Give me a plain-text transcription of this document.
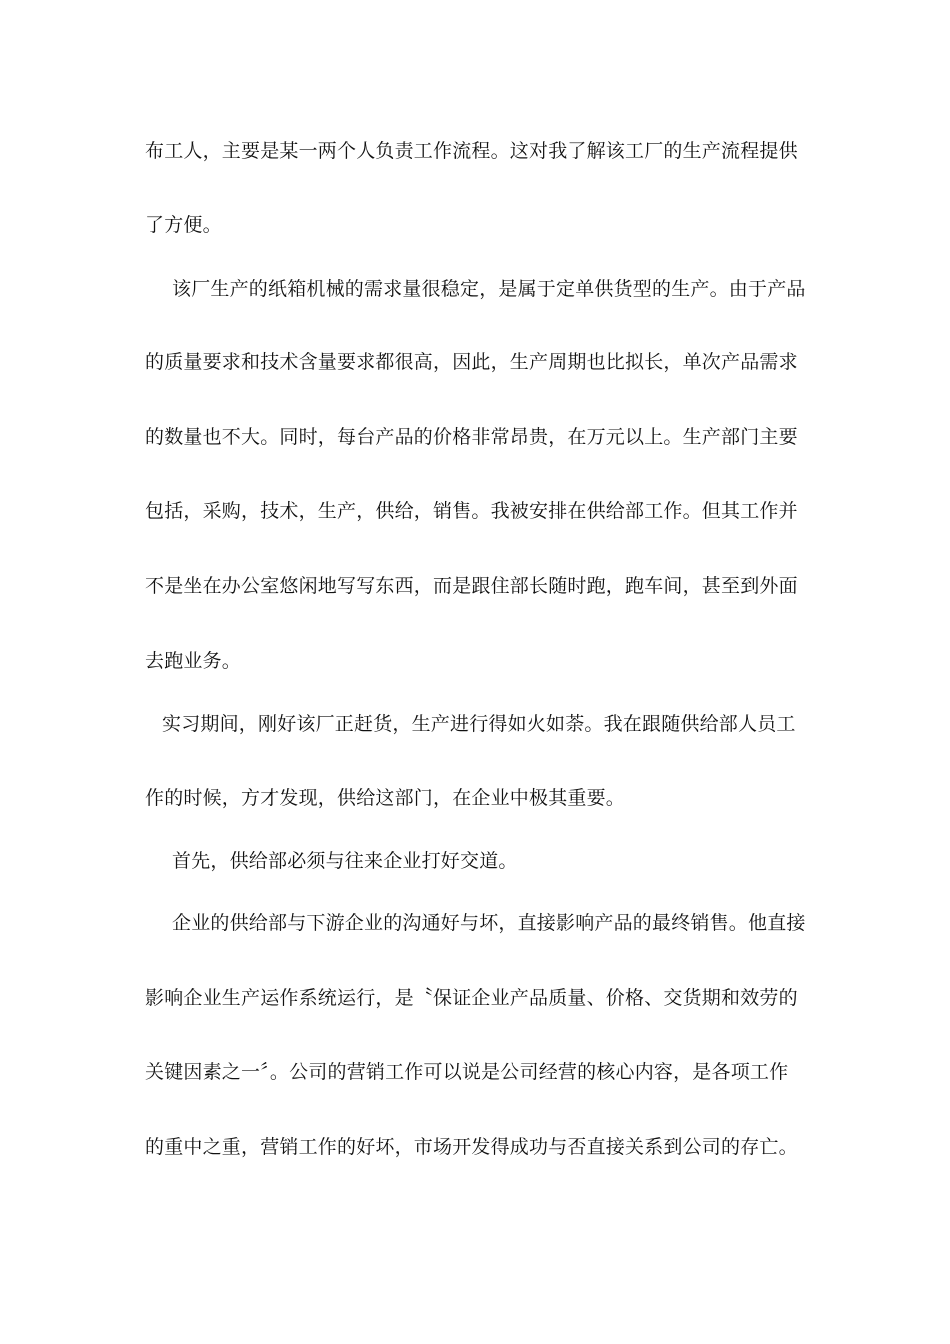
布工人，主要是某一两个人负责工作流程。这对我了解该工厂的生产流程提供
了方便。
该厂生产的纸箱机械的需求量很稳定，是属于定单供货型的生产。由于产品
的质量要求和技术含量要求都很高，因此，生产周期也比拟长，单次产品需求
的数量也不大。同时，每台产品的价格非常昂贵，在万元以上。生产部门主要
包括，采购，技术，生产，供给，销售。我被安排在供给部工作。但其工作并
不是坐在办公室悠闲地写写东西，而是跟住部长随时跑，跑车间，甚至到外面
去跑业务。
实习期间，刚好该厂正赶货，生产进行得如火如荼。我在跟随供给部人员工
作的时候，方才发现，供给这部门，在企业中极其重要。
首先，供给部必须与往来企业打好交道。
企业的供给部与下游企业的沟通好与坏，直接影响产品的最终销售。他直接
影响企业生产运作系统运行，是〝保证企业产品质量、价格、交货期和效劳的
关键因素之一〞。公司的营销工作可以说是公司经营的核心内容，是各项工作
的重中之重，营销工作的好坏，市场开发得成功与否直接关系到公司的存亡。
